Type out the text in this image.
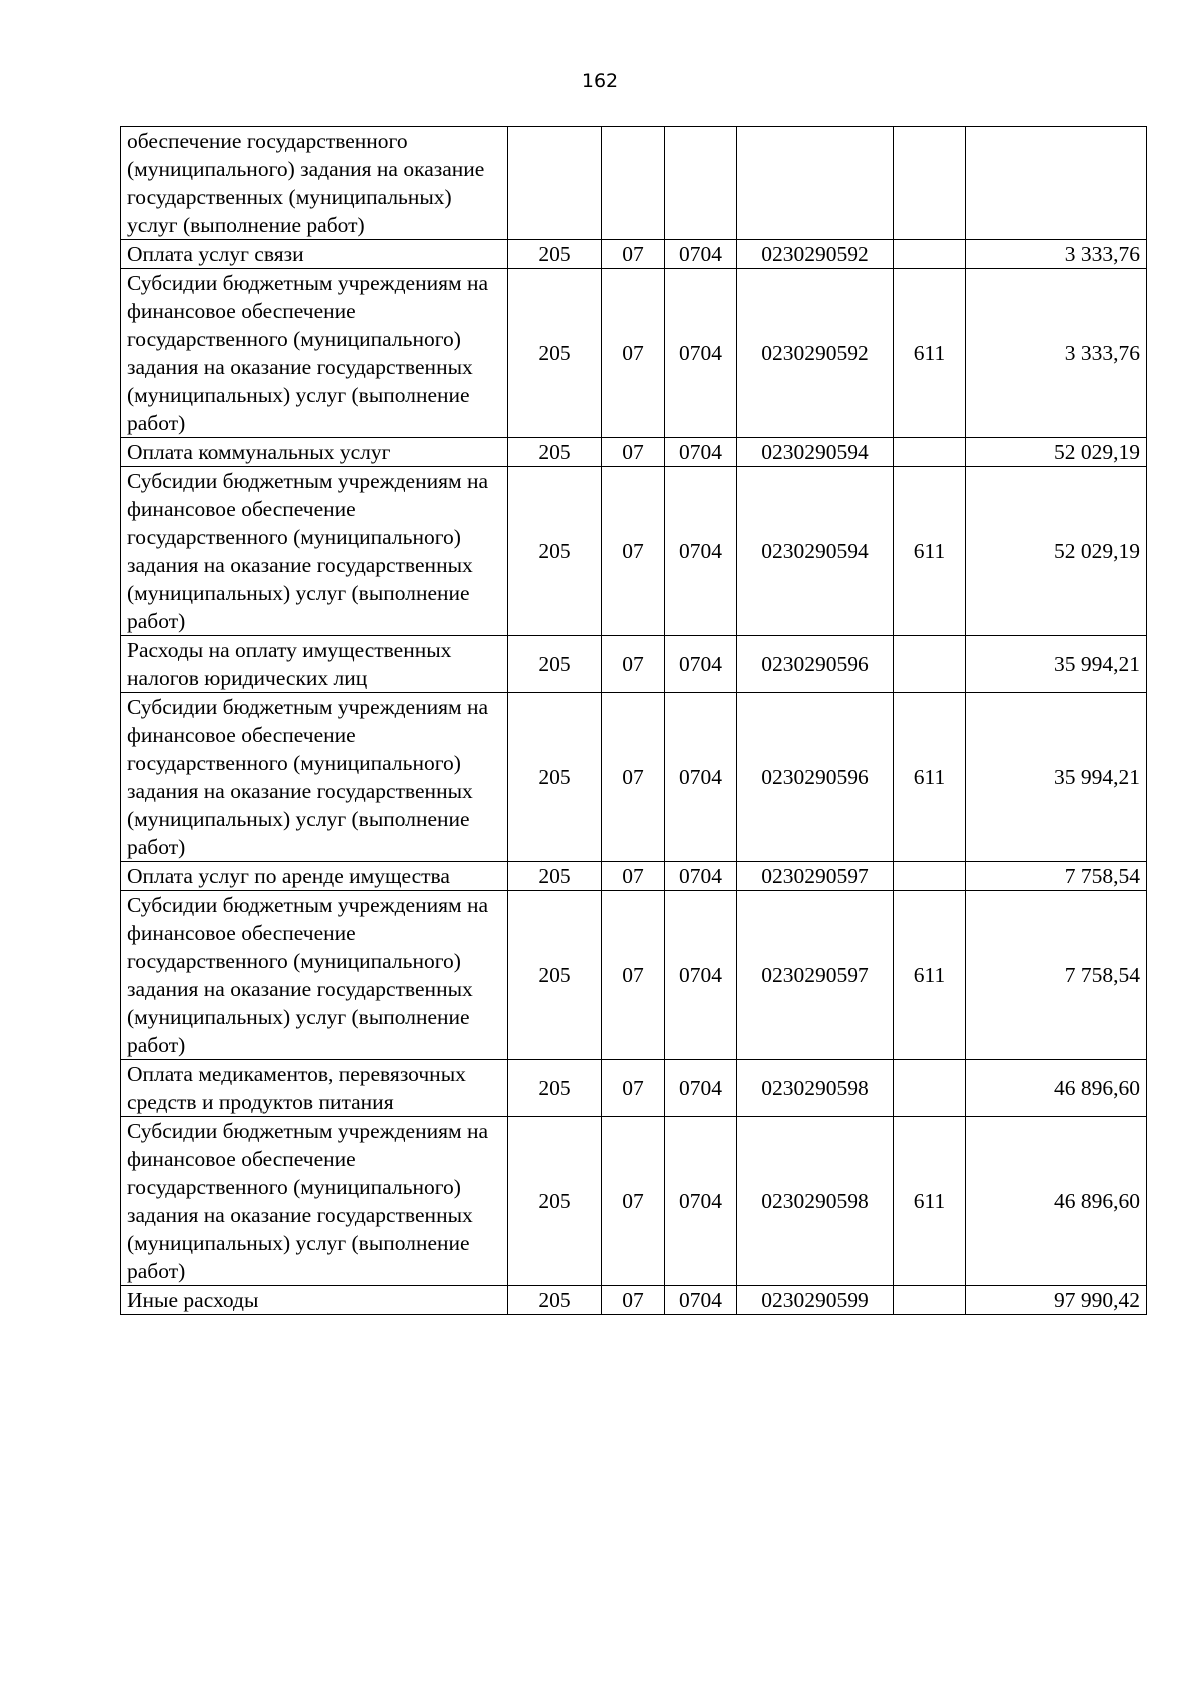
162
обеспечение государственного (муниципального) задания на оказание государственных (муниципальных) услуг (выполнение работ)						
Оплата услуг связи	205	07	0704	0230290592		3 333,76
Субсидии бюджетным учреждениям на финансовое обеспечение государственного (муниципального) задания на оказание государственных (муниципальных) услуг (выполнение работ)	205	07	0704	0230290592	611	3 333,76
Оплата коммунальных услуг	205	07	0704	0230290594		52 029,19
Субсидии бюджетным учреждениям на финансовое обеспечение государственного (муниципального) задания на оказание государственных (муниципальных) услуг (выполнение работ)	205	07	0704	0230290594	611	52 029,19
Расходы на оплату имущественных налогов юридических лиц	205	07	0704	0230290596		35 994,21
Субсидии бюджетным учреждениям на финансовое обеспечение государственного (муниципального) задания на оказание государственных (муниципальных) услуг (выполнение работ)	205	07	0704	0230290596	611	35 994,21
Оплата услуг по аренде имущества	205	07	0704	0230290597		7 758,54
Субсидии бюджетным учреждениям на финансовое обеспечение государственного (муниципального) задания на оказание государственных (муниципальных) услуг (выполнение работ)	205	07	0704	0230290597	611	7 758,54
Оплата медикаментов, перевязочных средств и продуктов питания	205	07	0704	0230290598		46 896,60
Субсидии бюджетным учреждениям на финансовое обеспечение государственного (муниципального) задания на оказание государственных (муниципальных) услуг (выполнение работ)	205	07	0704	0230290598	611	46 896,60
Иные расходы	205	07	0704	0230290599		97 990,42
